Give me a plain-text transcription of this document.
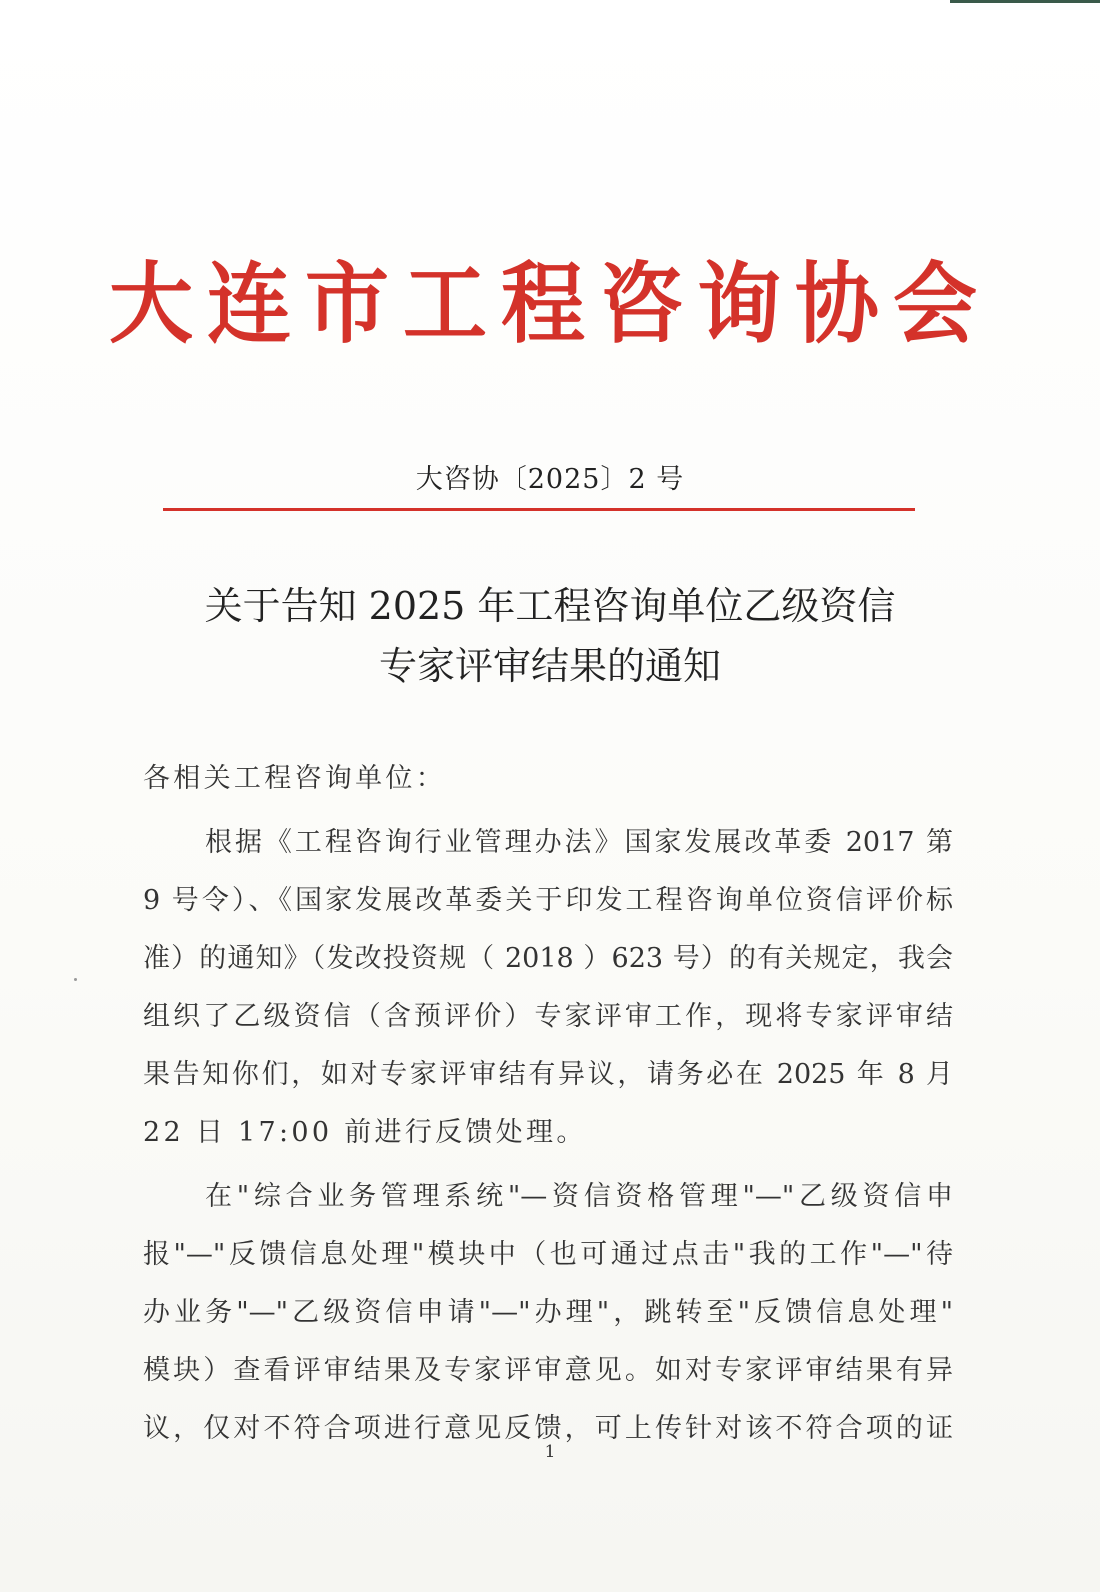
大连市工程咨询协会
大咨协〔2025〕2 号
关于告知 2025 年工程咨询单位乙级资信
专家评审结果的通知
各相关工程咨询单位：
根据《工程咨询行业管理办法》国家发展改革委 2017 第
9 号令）、《国家发展改革委关于印发工程咨询单位资信评价标
准）的通知》（发改投资规（ 2018 ）623 号）的有关规定，我会
组织了乙级资信（含预评价）专家评审工作，现将专家评审结
果告知你们，如对专家评审结有异议，请务必在 2025 年 8 月
22 日 17:00 前进行反馈处理。
在"综合业务管理系统"—资信资格管理"—"乙级资信申
报"—"反馈信息处理"模块中（也可通过点击"我的工作"—"待
办业务"—"乙级资信申请"—"办理"，跳转至"反馈信息处理"
模块）查看评审结果及专家评审意见。如对专家评审结果有异
议，仅对不符合项进行意见反馈，可上传针对该不符合项的证
1
